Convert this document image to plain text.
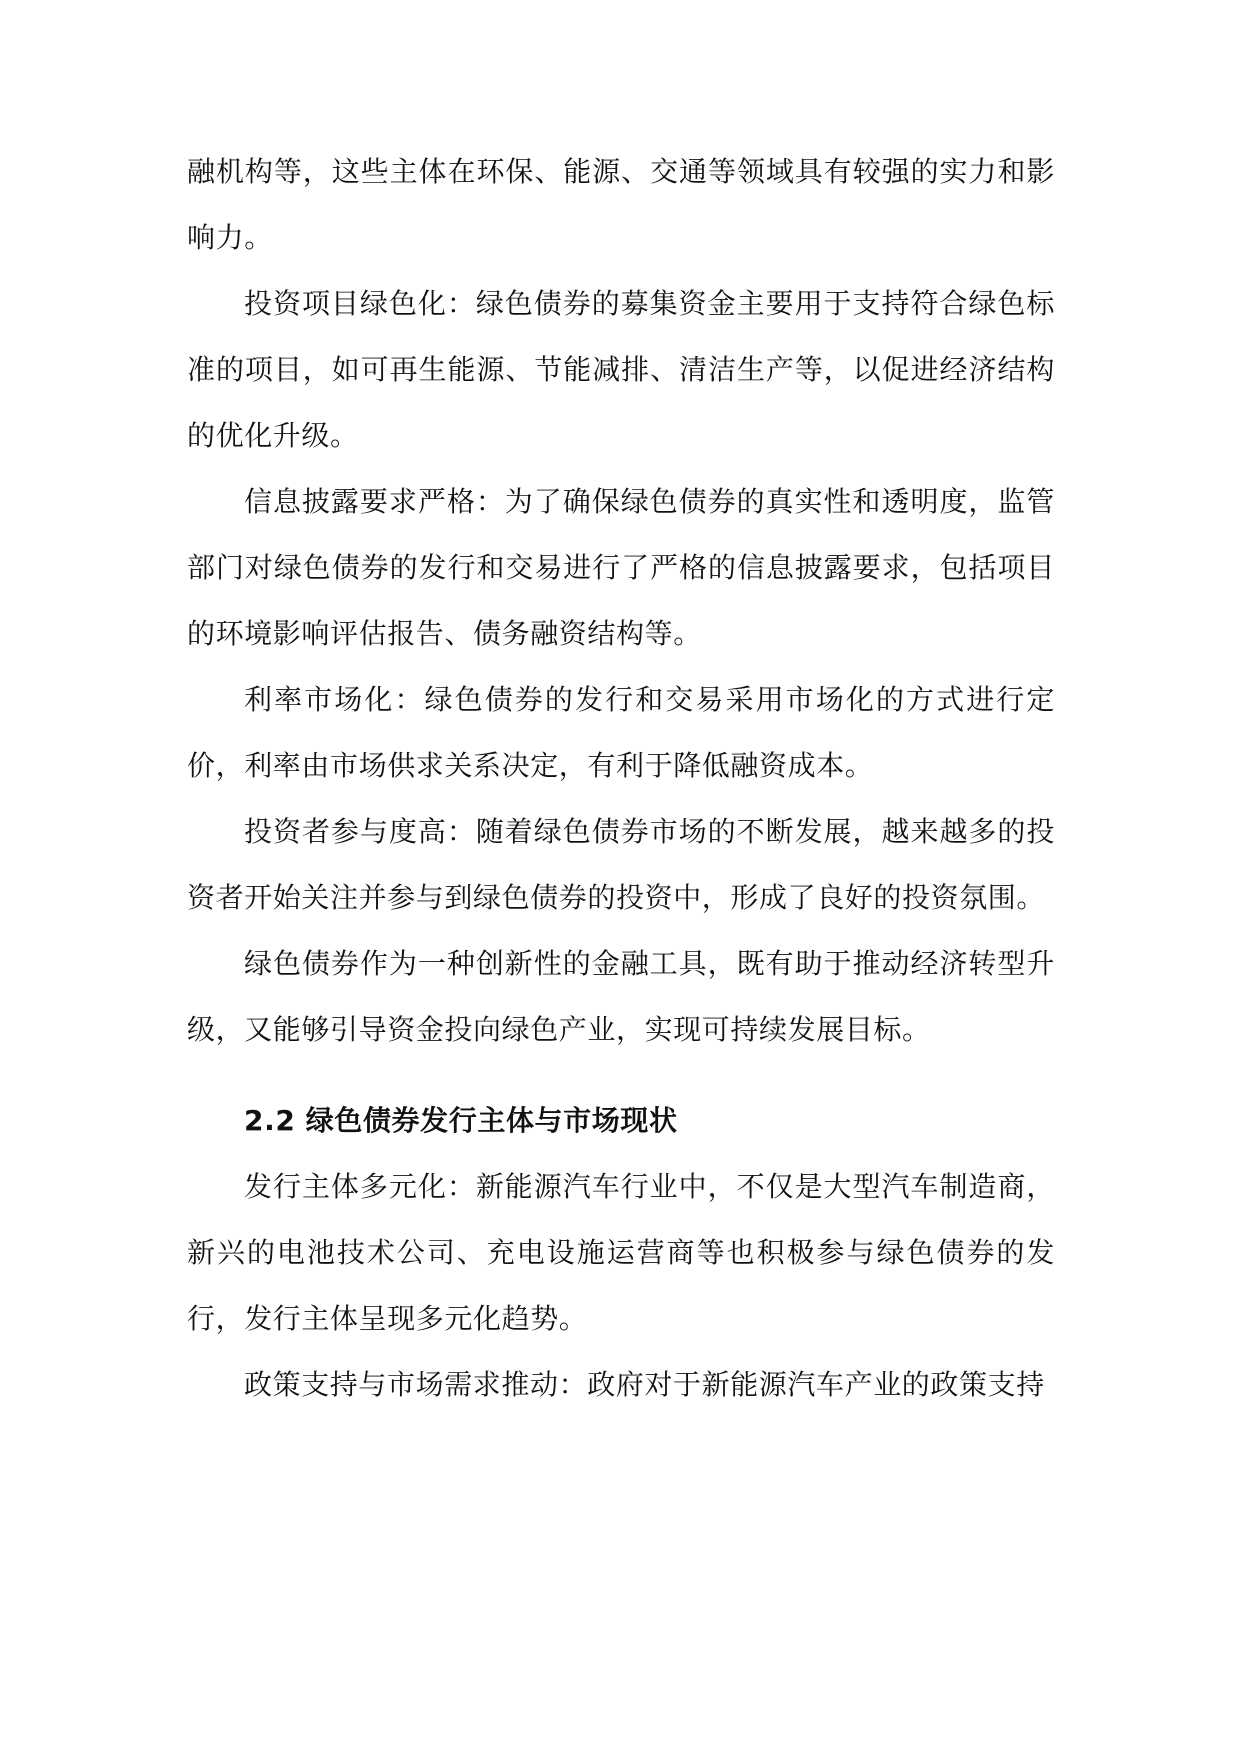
融机构等，这些主体在环保、能源、交通等领域具有较强的实力和影响力。

投资项目绿色化：绿色债券的募集资金主要用于支持符合绿色标准的项目，如可再生能源、节能减排、清洁生产等，以促进经济结构的优化升级。

信息披露要求严格：为了确保绿色债券的真实性和透明度，监管部门对绿色债券的发行和交易进行了严格的信息披露要求，包括项目的环境影响评估报告、债务融资结构等。

利率市场化：绿色债券的发行和交易采用市场化的方式进行定价，利率由市场供求关系决定，有利于降低融资成本。

投资者参与度高：随着绿色债券市场的不断发展，越来越多的投资者开始关注并参与到绿色债券的投资中，形成了良好的投资氛围。

绿色债券作为一种创新性的金融工具，既有助于推动经济转型升级，又能够引导资金投向绿色产业，实现可持续发展目标。

2.2 绿色债券发行主体与市场现状

发行主体多元化：新能源汽车行业中，不仅是大型汽车制造商，新兴的电池技术公司、充电设施运营商等也积极参与绿色债券的发行，发行主体呈现多元化趋势。

政策支持与市场需求推动：政府对于新能源汽车产业的政策支持
